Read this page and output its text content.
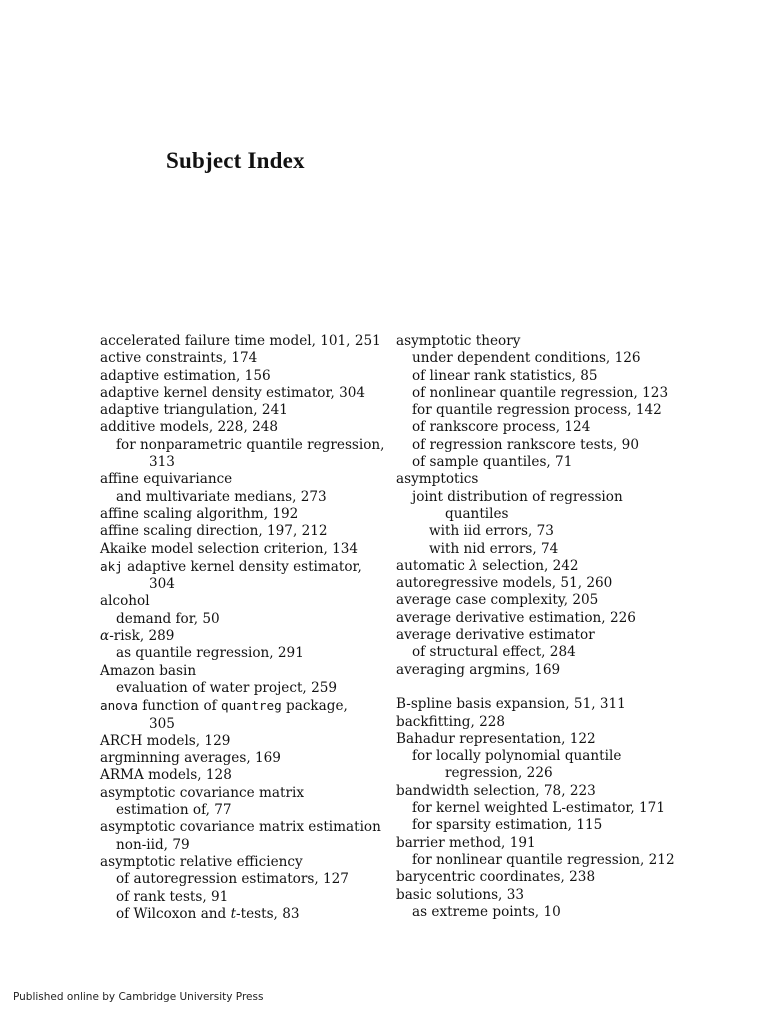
Subject Index
accelerated failure time model, 101, 251
active constraints, 174
adaptive estimation, 156
adaptive kernel density estimator, 304
adaptive triangulation, 241
additive models, 228, 248
for nonparametric quantile regression,
313
affine equivariance
and multivariate medians, 273
affine scaling algorithm, 192
affine scaling direction, 197, 212
Akaike model selection criterion, 134
akj adaptive kernel density estimator,
304
alcohol
demand for, 50
α-risk, 289
as quantile regression, 291
Amazon basin
evaluation of water project, 259
anova function of quantreg package,
305
ARCH models, 129
argminning averages, 169
ARMA models, 128
asymptotic covariance matrix
estimation of, 77
asymptotic covariance matrix estimation
non-iid, 79
asymptotic relative efficiency
of autoregression estimators, 127
of rank tests, 91
of Wilcoxon and t-tests, 83
asymptotic theory
under dependent conditions, 126
of linear rank statistics, 85
of nonlinear quantile regression, 123
for quantile regression process, 142
of rankscore process, 124
of regression rankscore tests, 90
of sample quantiles, 71
asymptotics
joint distribution of regression
quantiles
with iid errors, 73
with nid errors, 74
automatic λ selection, 242
autoregressive models, 51, 260
average case complexity, 205
average derivative estimation, 226
average derivative estimator
of structural effect, 284
averaging argmins, 169
B-spline basis expansion, 51, 311
backfitting, 228
Bahadur representation, 122
for locally polynomial quantile
regression, 226
bandwidth selection, 78, 223
for kernel weighted L-estimator, 171
for sparsity estimation, 115
barrier method, 191
for nonlinear quantile regression, 212
barycentric coordinates, 238
basic solutions, 33
as extreme points, 10
Published online by Cambridge University Press
